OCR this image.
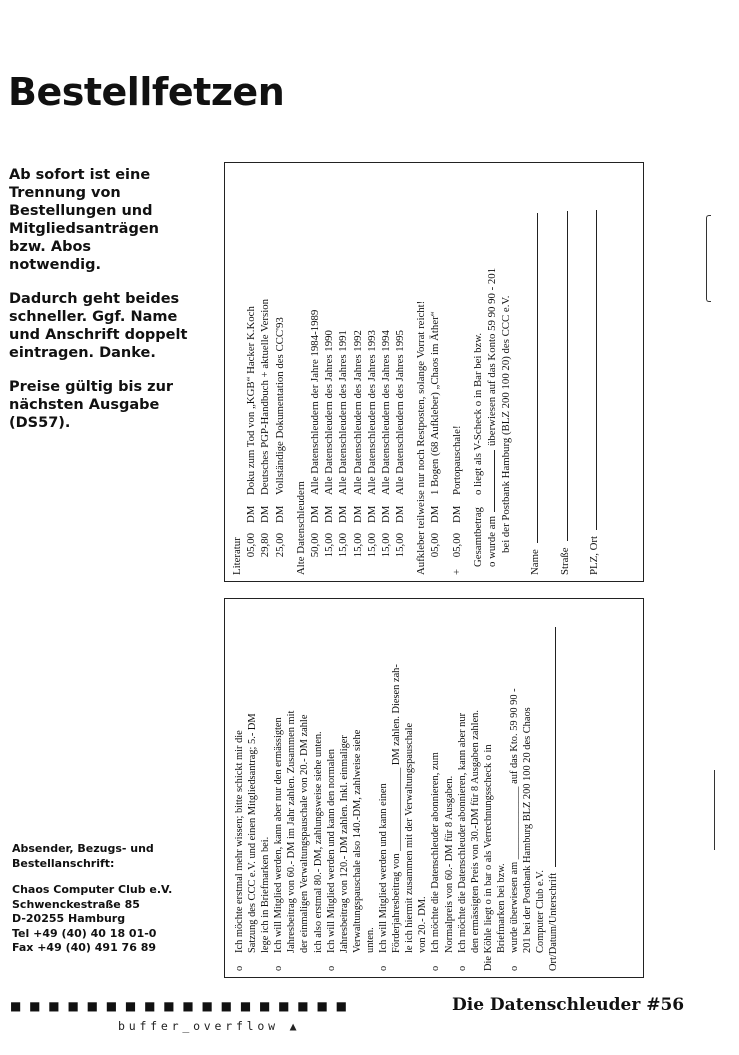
Bestellfetzen
Ab sofort ist eine
Trennung von
Bestellungen und
Mitgliedsanträgen
bzw. Abos
notwendig.
Dadurch geht beides
schneller. Ggf. Name
und Anschrift doppelt
eintragen. Danke.
Preise gültig bis zur
nächsten Ausgabe
(DS57).
Absender, Bezugs- und
Bestellanschrift:
Chaos Computer Club e.V.
Schwenckestraße 85
D-20255 Hamburg
Tel +49 (40) 40 18 01-0
Fax +49 (40) 491 76 89
Literatur 05,00DMDoku zum Tod von „KGB“ Hacker K.Koch
29,80DMDeutsches PGP-Handbuch + aktuelle Version
25,00DMVollständige Dokumentation des CCC'93
Alte Datenschleudern 50,00DMAlle Datenschleudern der Jahre 1984-1989
15,00DMAlle Datenschleudern des Jahres 1990
15,00DMAlle Datenschleudern des Jahres 1991
15,00DMAlle Datenschleudern des Jahres 1992
15,00DMAlle Datenschleudern des Jahres 1993
15,00DMAlle Datenschleudern des Jahres 1994
15,00DMAlle Datenschleudern des Jahres 1995 Aufkleber teilweise nur noch Restposten, solange Vorrat reicht! 05,00DM1 Bogen (68 Aufkleber) „Chaos im Äther“
+05,00DMPortopauschale!
Gesamtbetrago liegt als V-Scheck o in Bar bei bzw.
o wurde amüberwiesen auf das Konto 59 90 90 - 201 bei der Postbank Hamburg (BLZ 200 100 20) des CCC e.V.
Name Straße PLZ, Ort
oIch möchte erstmal mehr wissen; bitte schickt mir die Satzung des CCC e.V. und einen Mitgliedsantrag; 5.- DM lege ich in Briefmarken bei.
oIch will Mitglied werden, kann aber nur den ermässigten Jahresbeitrag von 60.- DM im Jahr zahlen. Zusammen mit der einmaligen Verwaltungspauschale von 20.- DM zahle ich also erstmal 80.- DM, zahlungsweise siehe unten.
oIch will Mitglied werden und kann den normalen Jahresbeitrag von 120.- DM zahlen. Inkl. einmaliger Verwaltungspauschale also 140.-DM, zahlweise siehe unten.
oIch will Mitglied werden und kann einen Förderjahresbeitrag von ________________ DM zahlen. Diesen zah- le ich hiermit zusammen mit der Verwaltungspauschale von 20.- DM.
oIch möchte die Datenschleuder abonnieren, zum Normalpreis von 60.- DM für 8 Ausgaben.
oIch möchte die Datenschleuder abonnieren, kann aber nur den ermässigten Preis von 30.-DM für 8 Ausgaben zahlen. Die Köhle liegt o in bar o als Verrechnungsscheck o in Briefmarken bei bzw.
owurde überwiesen am ______________ auf das Kto. 59 90 90 - 201 bei der Postbank Hamburg BLZ 200 100 20 des Chaos Computer Club e.V. Ort/Datum/Unterschrift
■ ■ ■ ■ ■ ■ ■ ■ ■ ■ ■ ■ ■ ■ ■ ■ ■ ■
buffer_overflow ▲
Die Datenschleuder #56
